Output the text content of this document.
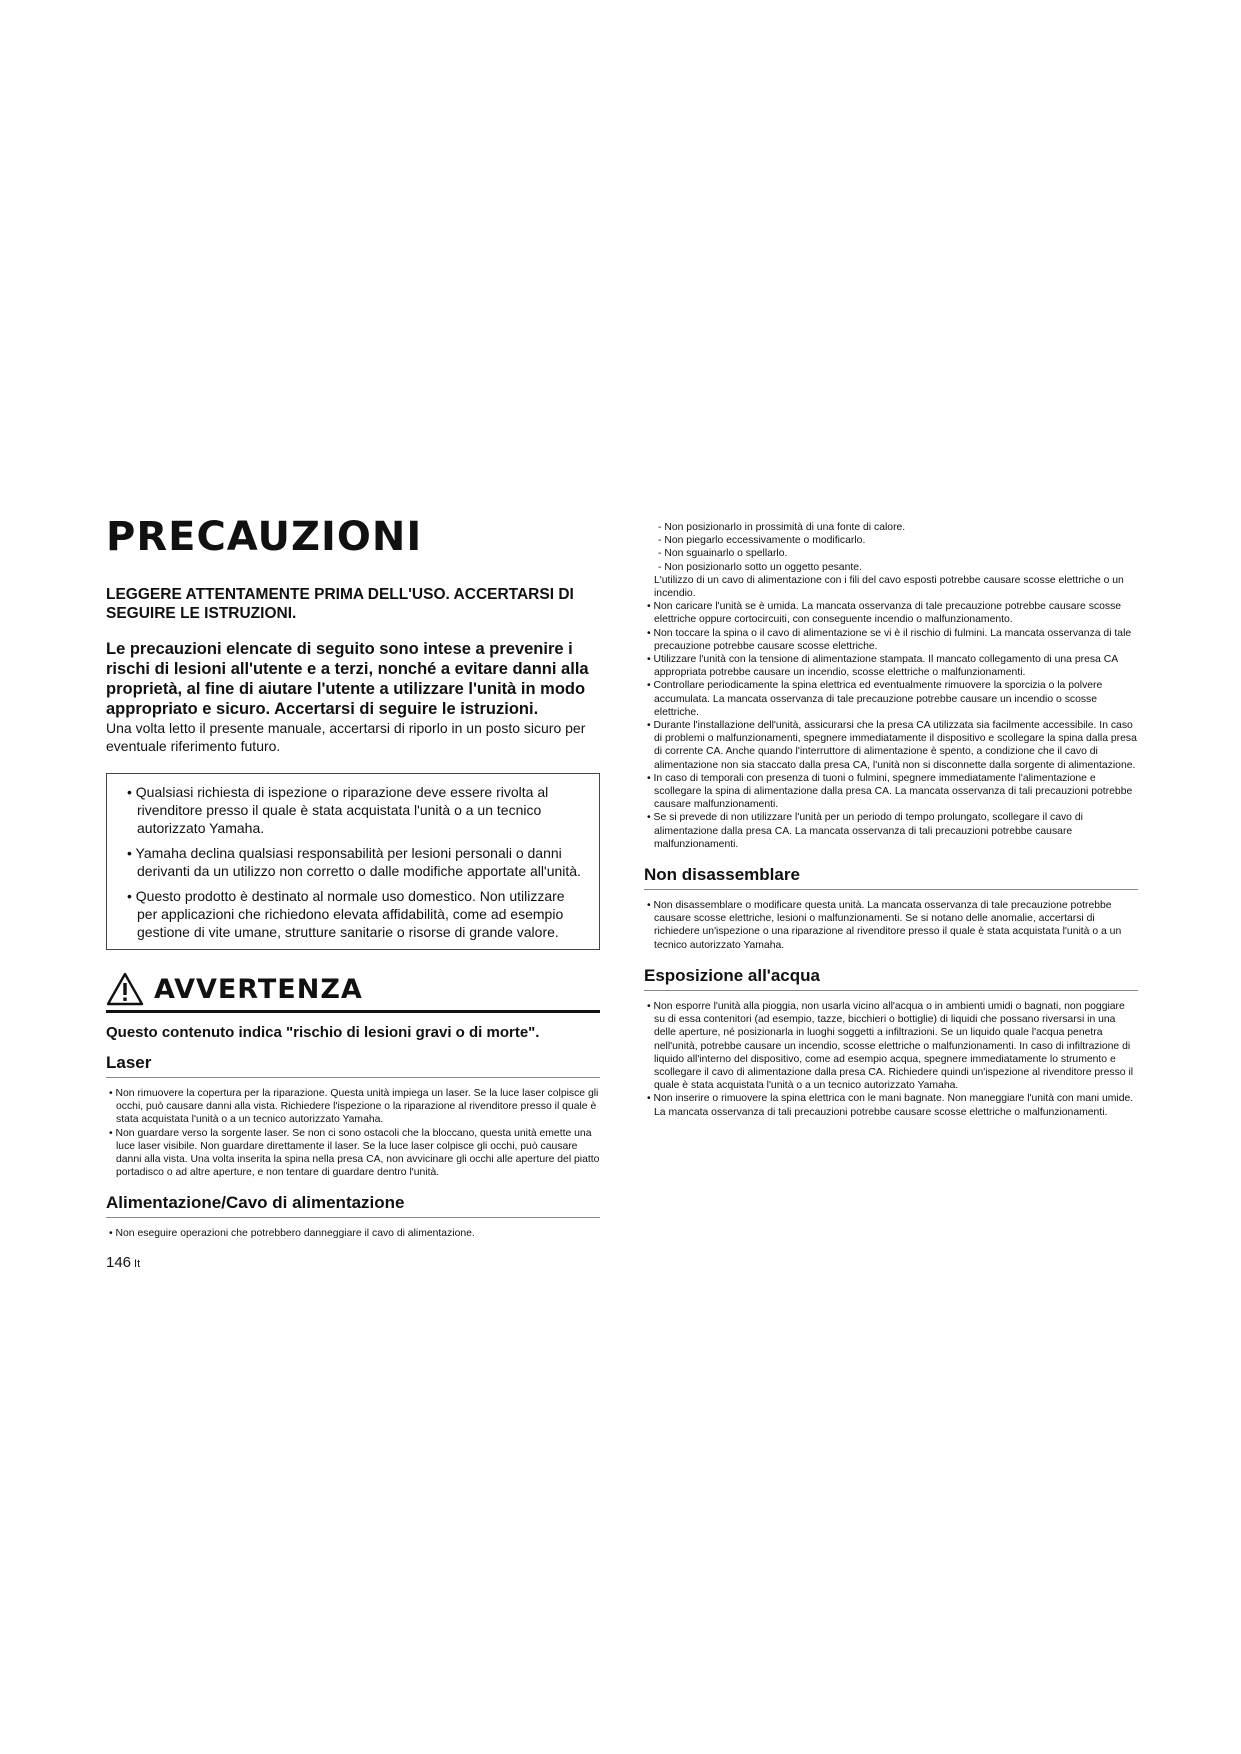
PRECAUZIONI

LEGGERE ATTENTAMENTE PRIMA DELL'USO. ACCERTARSI DI SEGUIRE LE ISTRUZIONI.

Le precauzioni elencate di seguito sono intese a prevenire i rischi di lesioni all'utente e a terzi, nonché a evitare danni alla proprietà, al fine di aiutare l'utente a utilizzare l'unità in modo appropriato e sicuro. Accertarsi di seguire le istruzioni.

Una volta letto il presente manuale, accertarsi di riporlo in un posto sicuro per eventuale riferimento futuro.

• Qualsiasi richiesta di ispezione o riparazione deve essere rivolta al rivenditore presso il quale è stata acquistata l'unità o a un tecnico autorizzato Yamaha.

• Yamaha declina qualsiasi responsabilità per lesioni personali o danni derivanti da un utilizzo non corretto o dalle modifiche apportate all'unità.

• Questo prodotto è destinato al normale uso domestico. Non utilizzare per applicazioni che richiedono elevata affidabilità, come ad esempio gestione di vite umane, strutture sanitarie o risorse di grande valore.

AVVERTENZA

Questo contenuto indica "rischio di lesioni gravi o di morte".

Laser

• Non rimuovere la copertura per la riparazione. Questa unità impiega un laser. Se la luce laser colpisce gli occhi, può causare danni alla vista. Richiedere l'ispezione o la riparazione al rivenditore presso il quale è stata acquistata l'unità o a un tecnico autorizzato Yamaha.

• Non guardare verso la sorgente laser. Se non ci sono ostacoli che la bloccano, questa unità emette una luce laser visibile. Non guardare direttamente il laser. Se la luce laser colpisce gli occhi, può causare danni alla vista. Una volta inserita la spina nella presa CA, non avvicinare gli occhi alle aperture del piatto portadisco o ad altre aperture, e non tentare di guardare dentro l'unità.

Alimentazione/Cavo di alimentazione

• Non eseguire operazioni che potrebbero danneggiare il cavo di alimentazione.

- Non posizionarlo in prossimità di una fonte di calore.

- Non piegarlo eccessivamente o modificarlo.

- Non sguainarlo o spellarlo.

- Non posizionarlo sotto un oggetto pesante.

L'utilizzo di un cavo di alimentazione con i fili del cavo esposti potrebbe causare scosse elettriche o un incendio.

• Non caricare l'unità se è umida. La mancata osservanza di tale precauzione potrebbe causare scosse elettriche oppure cortocircuiti, con conseguente incendio o malfunzionamento.

• Non toccare la spina o il cavo di alimentazione se vi è il rischio di fulmini. La mancata osservanza di tale precauzione potrebbe causare scosse elettriche.

• Utilizzare l'unità con la tensione di alimentazione stampata. Il mancato collegamento di una presa CA appropriata potrebbe causare un incendio, scosse elettriche o malfunzionamenti.

• Controllare periodicamente la spina elettrica ed eventualmente rimuovere la sporcizia o la polvere accumulata. La mancata osservanza di tale precauzione potrebbe causare un incendio o scosse elettriche.

• Durante l'installazione dell'unità, assicurarsi che la presa CA utilizzata sia facilmente accessibile. In caso di problemi o malfunzionamenti, spegnere immediatamente il dispositivo e scollegare la spina dalla presa di corrente CA. Anche quando l'interruttore di alimentazione è spento, a condizione che il cavo di alimentazione non sia staccato dalla presa CA, l'unità non si disconnette dalla sorgente di alimentazione.

• In caso di temporali con presenza di tuoni o fulmini, spegnere immediatamente l'alimentazione e scollegare la spina di alimentazione dalla presa CA. La mancata osservanza di tali precauzioni potrebbe causare malfunzionamenti.

• Se si prevede di non utilizzare l'unità per un periodo di tempo prolungato, scollegare il cavo di alimentazione dalla presa CA. La mancata osservanza di tali precauzioni potrebbe causare malfunzionamenti.

Non disassemblare

• Non disassemblare o modificare questa unità. La mancata osservanza di tale precauzione potrebbe causare scosse elettriche, lesioni o malfunzionamenti. Se si notano delle anomalie, accertarsi di richiedere un'ispezione o una riparazione al rivenditore presso il quale è stata acquistata l'unità o a un tecnico autorizzato Yamaha.

Esposizione all'acqua

• Non esporre l'unità alla pioggia, non usarla vicino all'acqua o in ambienti umidi o bagnati, non poggiare su di essa contenitori (ad esempio, tazze, bicchieri o bottiglie) di liquidi che possano riversarsi in una delle aperture, né posizionarla in luoghi soggetti a infiltrazioni. Se un liquido quale l'acqua penetra nell'unità, potrebbe causare un incendio, scosse elettriche o malfunzionamenti. In caso di infiltrazione di liquido all'interno del dispositivo, come ad esempio acqua, spegnere immediatamente lo strumento e scollegare il cavo di alimentazione dalla presa CA. Richiedere quindi un'ispezione al rivenditore presso il quale è stata acquistata l'unità o a un tecnico autorizzato Yamaha.

• Non inserire o rimuovere la spina elettrica con le mani bagnate. Non maneggiare l'unità con mani umide. La mancata osservanza di tali precauzioni potrebbe causare scosse elettriche o malfunzionamenti.

146 It
